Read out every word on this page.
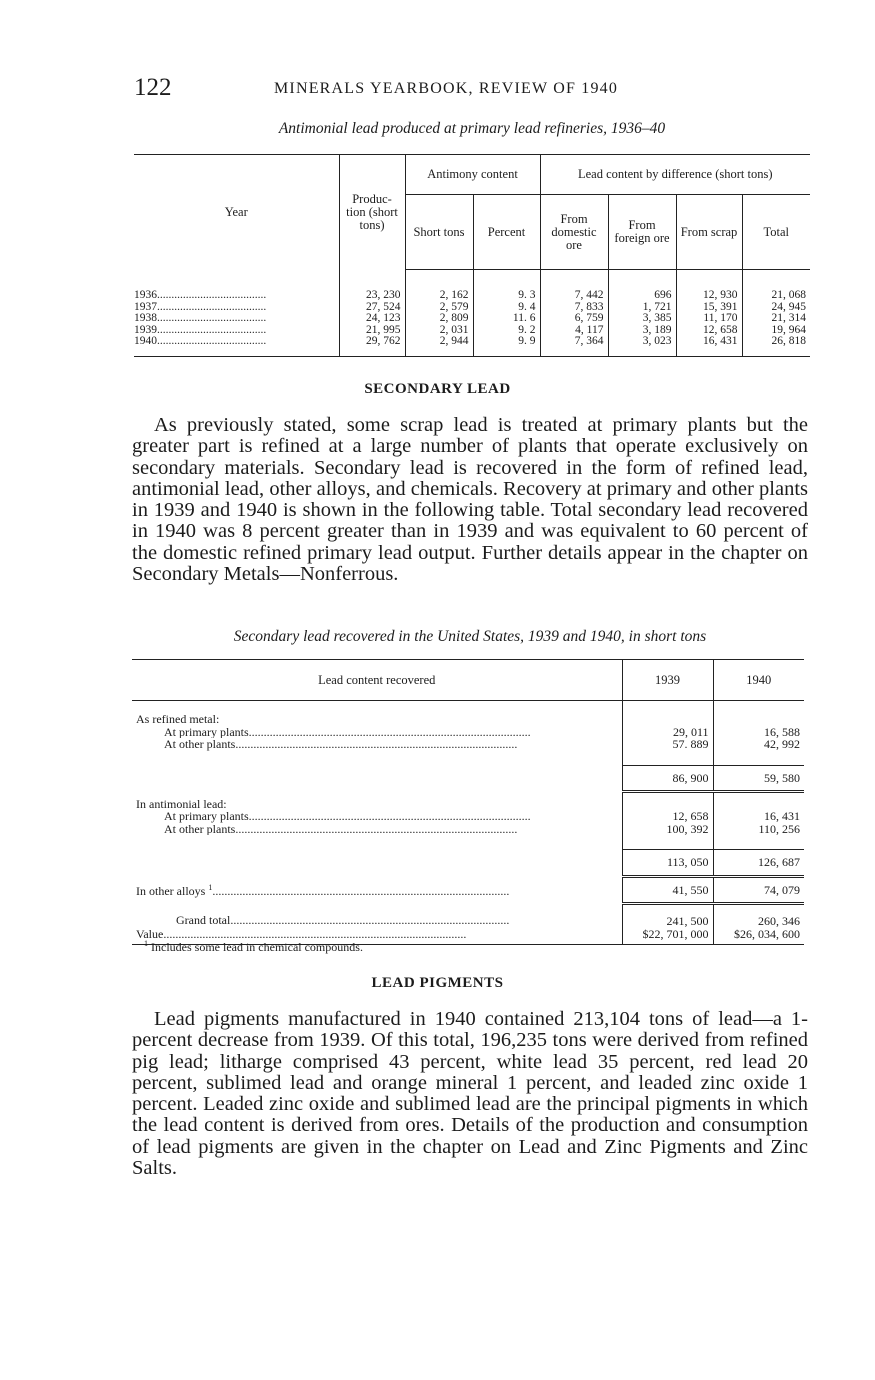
122	MINERALS YEARBOOK, REVIEW OF 1940
Antimonial lead produced at primary lead refineries, 1936–40
Year	Produc- tion (short tons)	Antimony content		Lead content by difference (short tons)			
		Short tons	Percent	From domestic ore	From foreign ore	From scrap	Total
1936......................................	23, 230	2, 162	9. 3	7, 442	696	12, 930	21, 068
1937......................................	27, 524	2, 579	9. 4	7, 833	1, 721	15, 391	24, 945
1938......................................	24, 123	2, 809	11. 6	6, 759	3, 385	11, 170	21, 314
1939......................................	21, 995	2, 031	9. 2	4, 117	3, 189	12, 658	19, 964
1940......................................	29, 762	2, 944	9. 9	7, 364	3, 023	16, 431	26, 818
SECONDARY LEAD

As previously stated, some scrap lead is treated at primary plants but the greater part is refined at a large number of plants that operate exclusively on secondary materials. Secondary lead is recovered in the form of refined lead, antimonial lead, other alloys, and chemicals. Recovery at primary and other plants in 1939 and 1940 is shown in the following table. Total secondary lead recovered in 1940 was 8 percent greater than in 1939 and was equivalent to 60 percent of the domestic refined primary lead output. Further details appear in the chapter on Secondary Metals—Nonferrous.

Secondary lead recovered in the United States, 1939 and 1940, in short tons
Lead content recovered	1939	1940
As refined metal:		
At primary plants..............................................................................................	29, 011	16, 588
At other plants..............................................................................................	57. 889	42, 992

	86, 900	59, 580
In antimonial lead:		
At primary plants..............................................................................................	12, 658	16, 431
At other plants..............................................................................................	100, 392	110, 256

	113, 050	126, 687
In other alloys $^1$...................................................................................................	41, 550	74, 079
Grand total.............................................................................................	241, 500	260, 346
Value.....................................................................................................	$22, 701, 000	$26, 034, 600
$^1$ Includes some lead in chemical compounds.
LEAD PIGMENTS

Lead pigments manufactured in 1940 contained 213,104 tons of lead—a 1-percent decrease from 1939. Of this total, 196,235 tons were derived from refined pig lead; litharge comprised 43 percent, white lead 35 percent, red lead 20 percent, sublimed lead and orange mineral 1 percent, and leaded zinc oxide 1 percent. Leaded zinc oxide and sublimed lead are the principal pigments in which the lead content is derived from ores. Details of the production and consumption of lead pigments are given in the chapter on Lead and Zinc Pigments and Zinc Salts.
